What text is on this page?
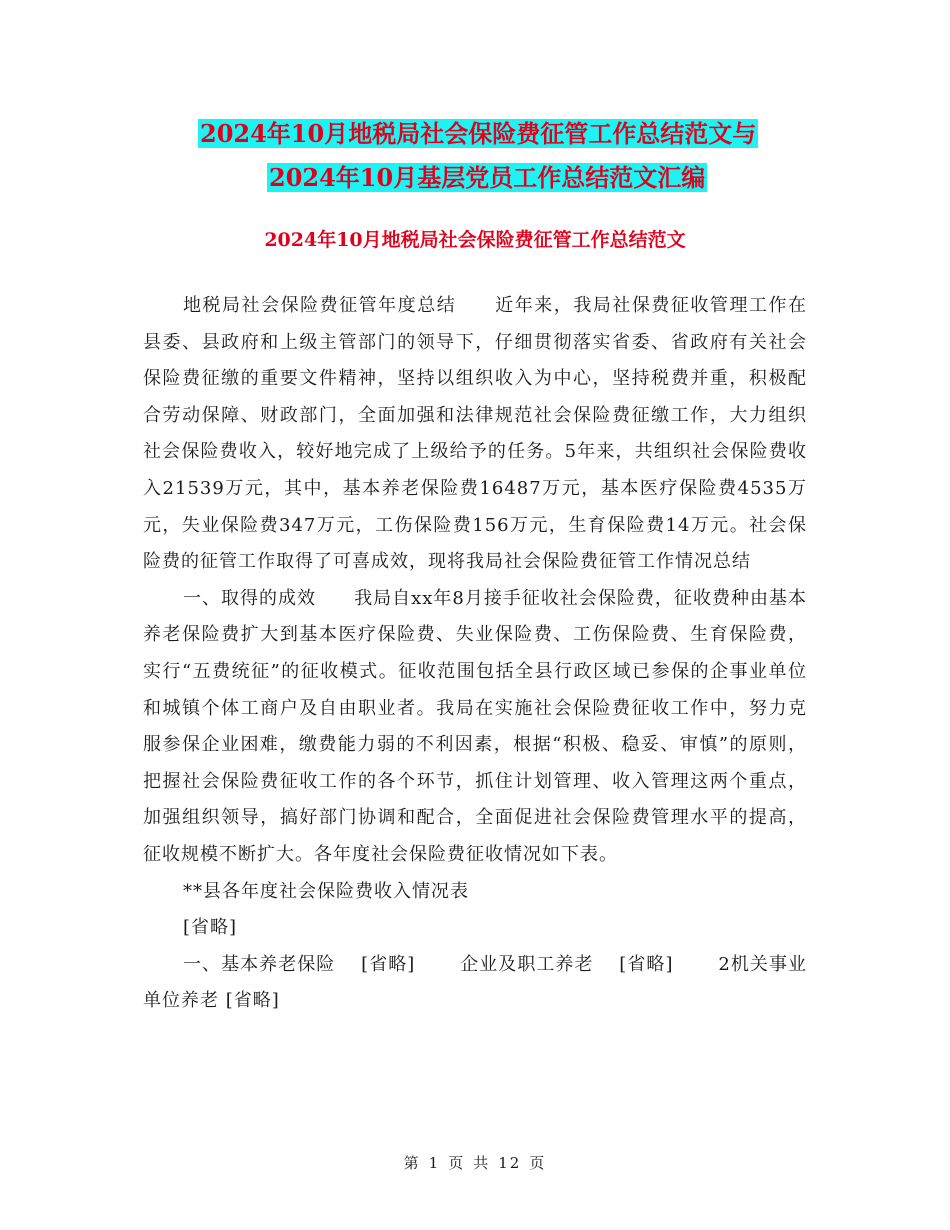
2024年10月地税局社会保险费征管工作总结范文与
2024年10月基层党员工作总结范文汇编
2024年10月地税局社会保险费征管工作总结范文

地税局社会保险费征管年度总结　　近年来，我局社保费征收管理工作在县委、县政府和上级主管部门的领导下，仔细贯彻落实省委、省政府有关社会保险费征缴的重要文件精神，坚持以组织收入为中心，坚持税费并重，积极配合劳动保障、财政部门，全面加强和法律规范社会保险费征缴工作，大力组织社会保险费收入，较好地完成了上级给予的任务。5年来，共组织社会保险费收入21539万元，其中，基本养老保险费16487万元，基本医疗保险费4535万元，失业保险费347万元，工伤保险费156万元，生育保险费14万元。社会保险费的征管工作取得了可喜成效，现将我局社会保险费征管工作情况总结

一、取得的成效　　我局自xx年8月接手征收社会保险费，征收费种由基本养老保险费扩大到基本医疗保险费、失业保险费、工伤保险费、生育保险费，实行“五费统征”的征收模式。征收范围包括全县行政区域已参保的企事业单位和城镇个体工商户及自由职业者。我局在实施社会保险费征收工作中，努力克服参保企业困难，缴费能力弱的不利因素，根据“积极、稳妥、审慎”的原则，把握社会保险费征收工作的各个环节，抓住计划管理、收入管理这两个重点，加强组织领导，搞好部门协调和配合，全面促进社会保险费管理水平的提高，征收规模不断扩大。各年度社会保险费征收情况如下表。

**县各年度社会保险费收入情况表

[省略]

一、基本养老保险　 [省略]　　 企业及职工养老　 [省略]　　 2机关事业单位养老 [省略]

第 1 页 共 12 页
